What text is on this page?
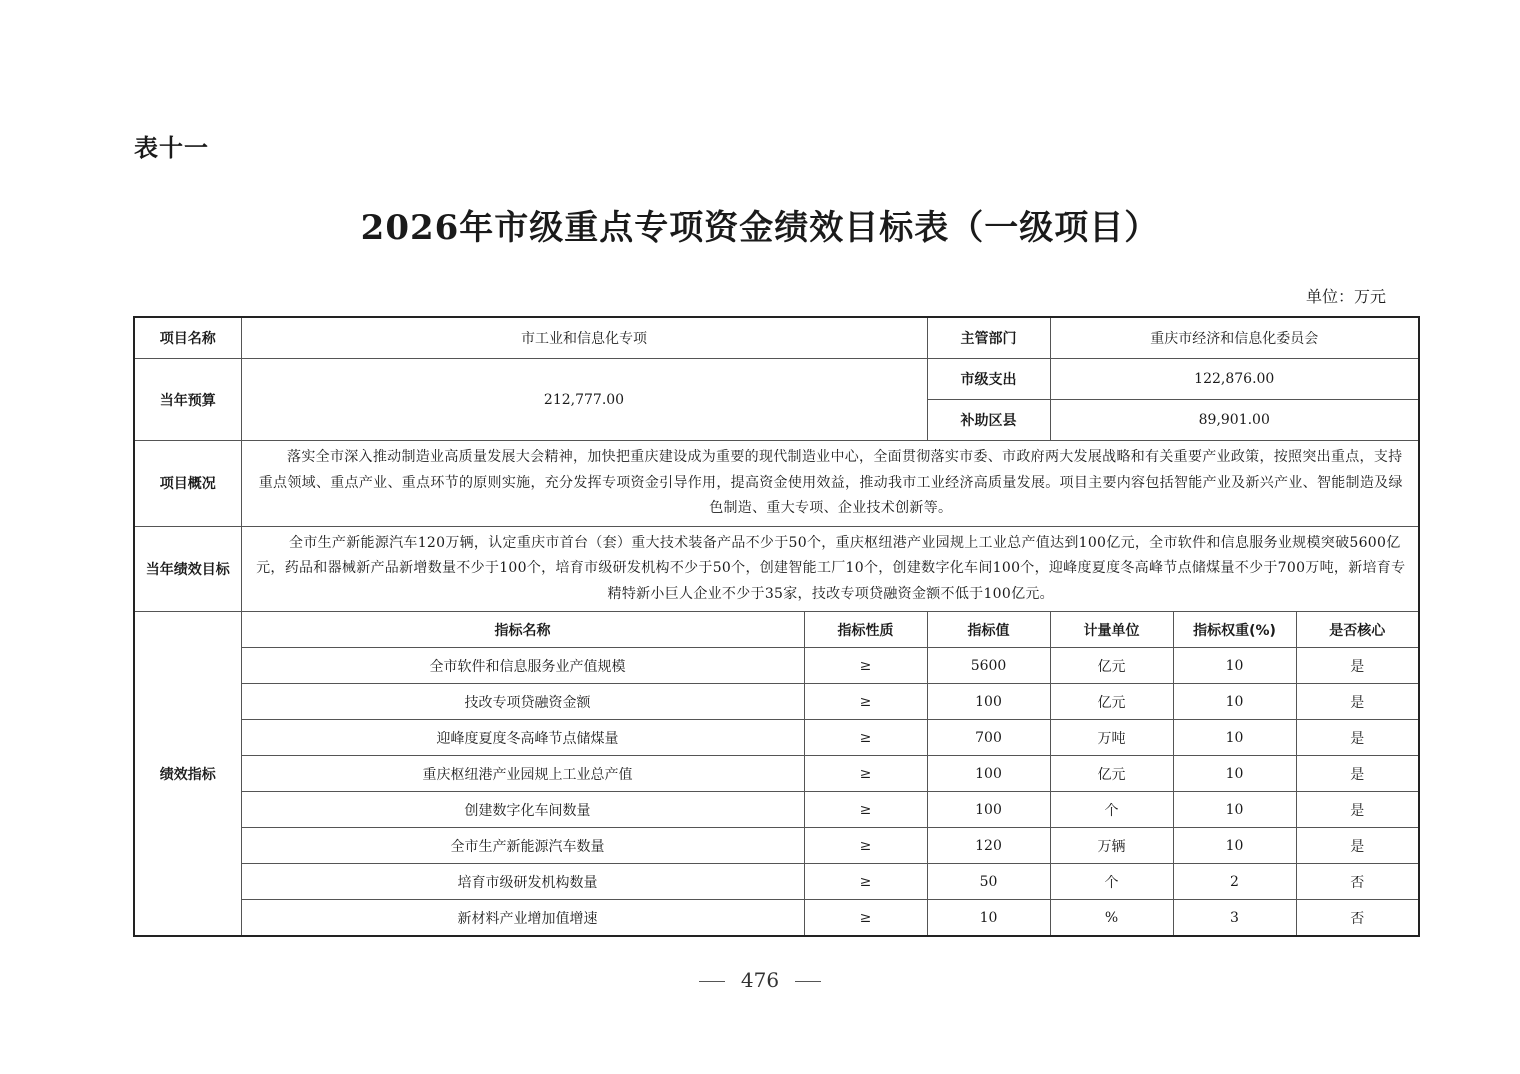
表十一
2026年市级重点专项资金绩效目标表（一级项目）
单位：万元
项目名称	市工业和信息化专项		主管部门	重庆市经济和信息化委员会		
当年预算	212,777.00		市级支出	122,876.00		
			补助区县	89,901.00		
项目概况	落实全市深入推动制造业高质量发展大会精神，加快把重庆建设成为重要的现代制造业中心，全面贯彻落实市委、市政府两大发展战略和有关重要产业政策，按照突出重点，支持重点领域、重点产业、重点环节的原则实施，充分发挥专项资金引导作用，提高资金使用效益，推动我市工业经济高质量发展。项目主要内容包括智能产业及新兴产业、智能制造及绿色制造、重大专项、企业技术创新等。					
当年绩效目标	全市生产新能源汽车120万辆，认定重庆市首台（套）重大技术装备产品不少于50个，重庆枢纽港产业园规上工业总产值达到100亿元，全市软件和信息服务业规模突破5600亿元，药品和器械新产品新增数量不少于100个，培育市级研发机构不少于50个，创建智能工厂10个，创建数字化车间100个，迎峰度夏度冬高峰节点储煤量不少于700万吨，新培育专精特新小巨人企业不少于35家，技改专项贷融资金额不低于100亿元。					
绩效指标	指标名称	指标性质	指标值	计量单位	指标权重(%)	是否核心
	全市软件和信息服务业产值规模	≥	5600	亿元	10	是
	技改专项贷融资金额	≥	100	亿元	10	是
	迎峰度夏度冬高峰节点储煤量	≥	700	万吨	10	是
	重庆枢纽港产业园规上工业总产值	≥	100	亿元	10	是
	创建数字化车间数量	≥	100	个	10	是
	全市生产新能源汽车数量	≥	120	万辆	10	是
	培育市级研发机构数量	≥	50	个	2	否
	新材料产业增加值增速	≥	10	%	3	否
476
